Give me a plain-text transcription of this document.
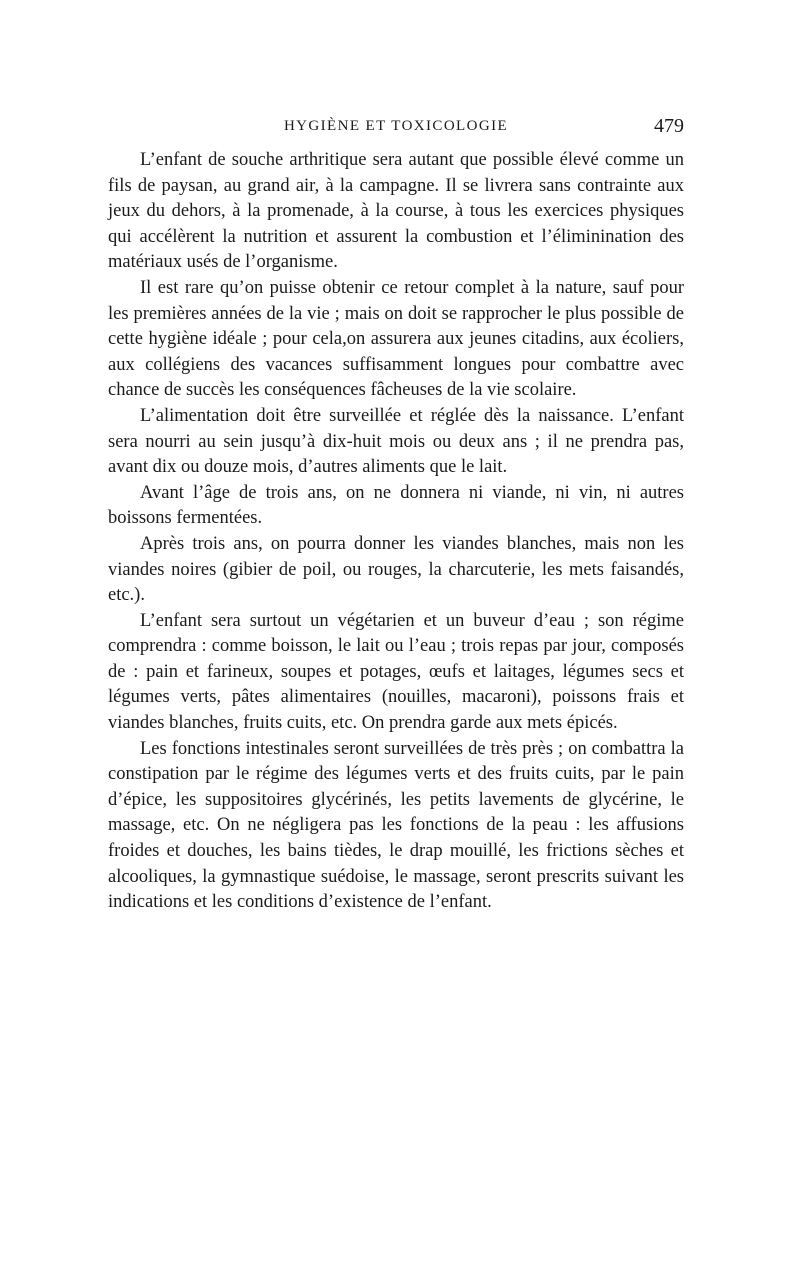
HYGIÈNE ET TOXICOLOGIE	479

L’enfant de souche arthritique sera autant que possible élevé comme un fils de paysan, au grand air, à la campagne. Il se livrera sans contrainte aux jeux du dehors, à la promenade, à la course, à tous les exercices physiques qui accélèrent la nutrition et assurent la combustion et l’éliminination des matériaux usés de l’organisme.

Il est rare qu’on puisse obtenir ce retour complet à la nature, sauf pour les premières années de la vie ; mais on doit se rapprocher le plus possible de cette hygiène idéale ; pour cela,on assurera aux jeunes citadins, aux écoliers, aux collégiens des vacances suffisamment longues pour combattre avec chance de succès les conséquences fâcheuses de la vie scolaire.

L’alimentation doit être surveillée et réglée dès la naissance. L’enfant sera nourri au sein jusqu’à dix-huit mois ou deux ans ; il ne prendra pas, avant dix ou douze mois, d’autres aliments que le lait.

Avant l’âge de trois ans, on ne donnera ni viande, ni vin, ni autres boissons fermentées.

Après trois ans, on pourra donner les viandes blanches, mais non les viandes noires (gibier de poil, ou rouges, la charcuterie, les mets faisandés, etc.).

L’enfant sera surtout un végétarien et un buveur d’eau ; son régime comprendra : comme boisson, le lait ou l’eau ; trois repas par jour, composés de : pain et farineux, soupes et potages, œufs et laitages, légumes secs et légumes verts, pâtes alimentaires (nouilles, macaroni), poissons frais et viandes blanches, fruits cuits, etc. On prendra garde aux mets épicés.

Les fonctions intestinales seront surveillées de très près ; on combattra la constipation par le régime des légumes verts et des fruits cuits, par le pain d’épice, les suppositoires glycérinés, les petits lavements de glycérine, le massage, etc. On ne négligera pas les fonctions de la peau : les affusions froides et douches, les bains tièdes, le drap mouillé, les frictions sèches et alcooliques, la gymnastique suédoise, le massage, seront prescrits suivant les indications et les conditions d’existence de l’enfant.
